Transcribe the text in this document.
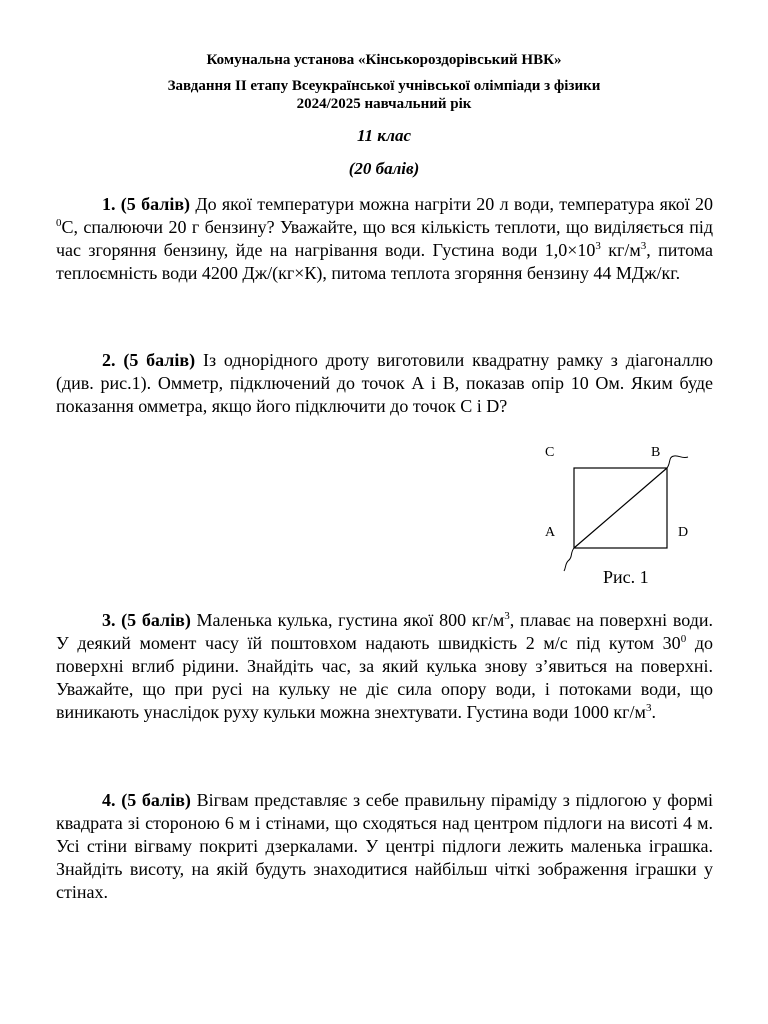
Комунальна установа «Кінськороздорівський НВК»
Завдання ІІ етапу Всеукраїнської учнівської олімпіади з фізики
2024/2025 навчальний рік
11 клас
(20 балів)

1. (5 балів) До якої температури можна нагріти 20 л води, температура якої 20 $^0$С, спалюючи 20 г бензину? Уважайте, що вся кількість теплоти, що виділяється під час згоряння бензину, йде на нагрівання води. Густина води $1,0\times 10^3$ $кг/м^3$, питома теплоємність води 4200 Дж/(кг×К), питома теплота згоряння бензину 44 МДж/кг.

2. (5 балів) Із однорідного дроту виготовили квадратну рамку з діагоналлю (див. рис.1). Омметр, підключений до точок А і В, показав опір 10 Ом. Яким буде показання омметра, якщо його підключити до точок С і D?

C	B
A	D
Рис. 1

3. (5 балів) Маленька кулька, густина якої 800 $кг/м^3$, плаває на поверхні води. У деякий момент часу їй поштовхом надають швидкість 2 м/с під кутом $30^0$ до поверхні вглиб рідини. Знайдіть час, за який кулька знову з’явиться на поверхні. Уважайте, що при русі на кульку не діє сила опору води, і потоками води, що виникають унаслідок руху кульки можна знехтувати. Густина води 1000 $кг/м^3$.

4. (5 балів) Вігвам представляє з себе правильну піраміду з підлогою у формі квадрата зі стороною 6 м і стінами, що сходяться над центром підлоги на висоті 4 м. Усі стіни вігваму покриті дзеркалами. У центрі підлоги лежить маленька іграшка. Знайдіть висоту, на якій будуть знаходитися найбільш чіткі зображення іграшки у стінах.
